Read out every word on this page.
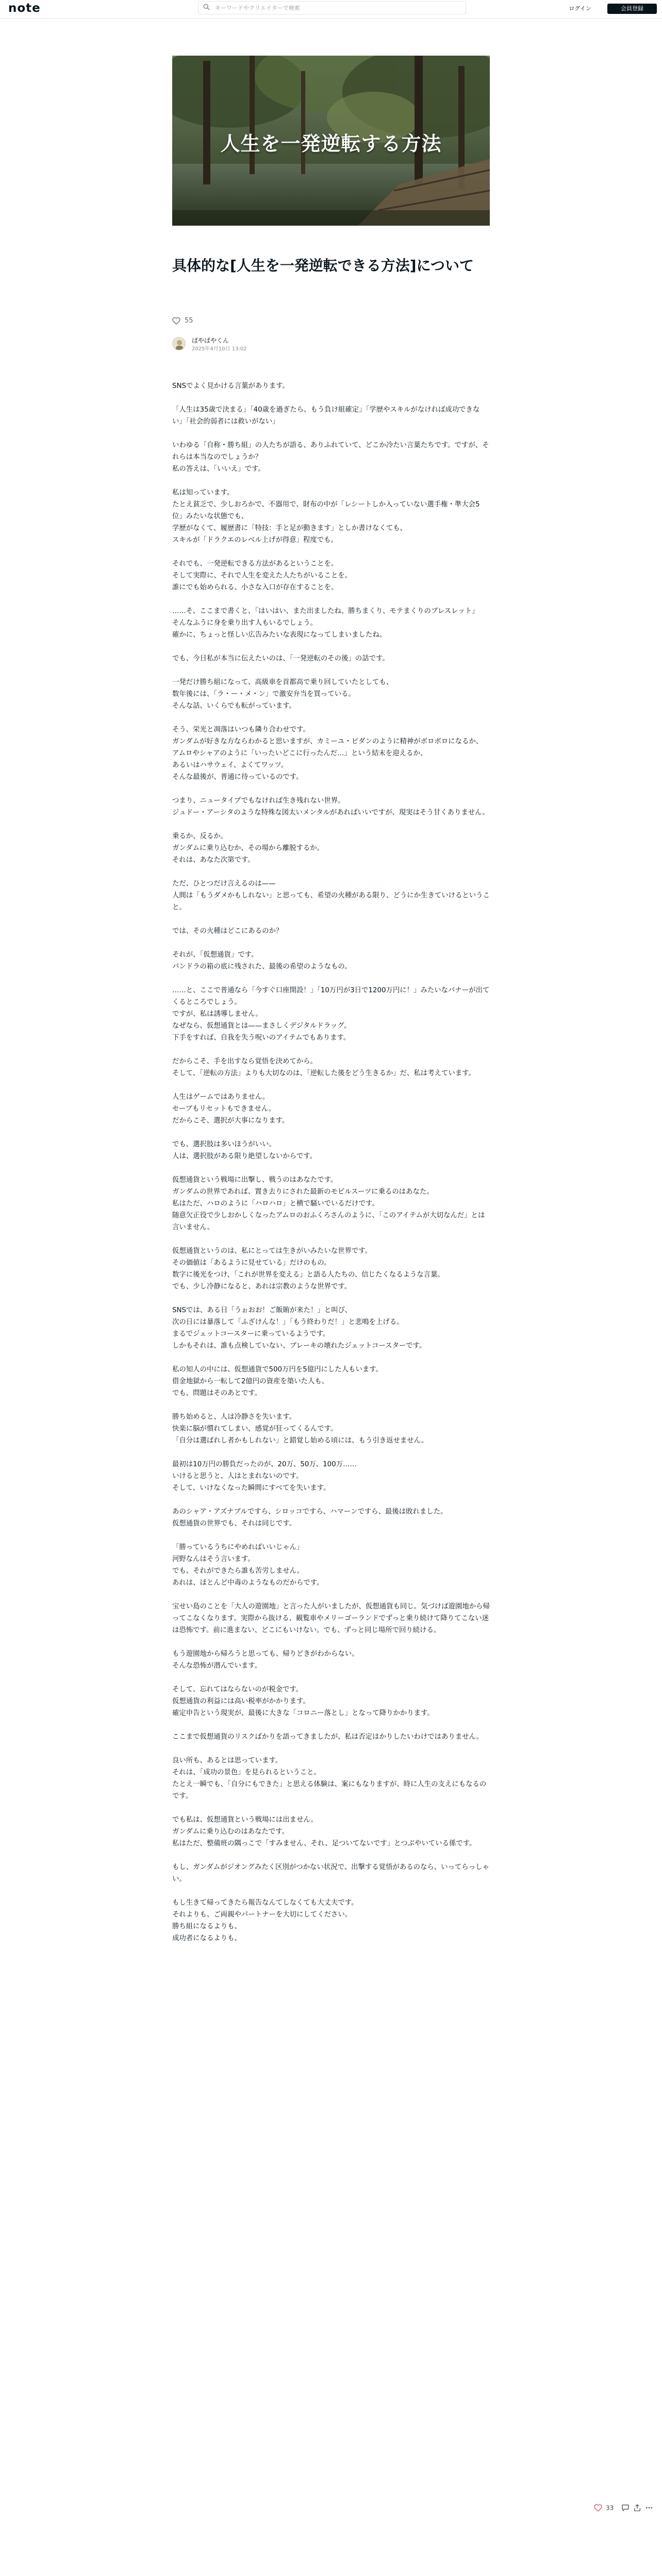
note
キーワードやクリエイターで検索	ログイン	会員登録
人生を一発逆転する方法
具体的な[人生を一発逆転できる方法]について
55
ぱやぱやくん
2025年4月10日 13:02

SNSでよく見かける言葉があります。

「人生は35歳で決まる」「40歳を過ぎたら、もう負け組確定」「学歴やスキルがなければ成功できない」「社会的弱者には救いがない」

いわゆる「自称・勝ち組」の人たちが語る、ありふれていて、どこか冷たい言葉たちです。ですが、それらは本当なのでしょうか？
私の答えは、「いいえ」です。

私は知っています。
たとえ貧乏で、少しおろかで、不器用で、財布の中が「レシートしか入っていない選手権・準大会5位」みたいな状態でも、
学歴がなくて、履歴書に「特技：手と足が動きます」としか書けなくても、
スキルが「ドラクエのレベル上げが得意」程度でも。

それでも、一発逆転できる方法があるということを。
そして実際に、それで人生を変えた人たちがいることを。
誰にでも始められる、小さな入口が存在することを。

……そ、ここまで書くと、「はいはい、また出ましたね、勝ちまくり、モテまくりのブレスレット」
そんなふうに身を乗り出す人もいるでしょう。
確かに、ちょっと怪しい広告みたいな表現になってしまいましたね。

でも、今日私が本当に伝えたいのは、「一発逆転のその後」の話です。

一発だけ勝ち組になって、高級車を首都高で乗り回していたとしても、
数年後には、「ラ・ー・メ・ン」で激安弁当を買っている。
そんな話、いくらでも転がっています。

そう、栄光と凋落はいつも隣り合わせです。
ガンダムが好きな方ならわかると思いますが、カミーユ・ビダンのように精神がボロボロになるか、
アムロやシャアのように「いったいどこに行ったんだ…」という結末を迎えるか、
あるいはハサウェイ、よくてワッツ。
そんな最後が、普通に待っているのです。

つまり、ニュータイプでもなければ生き残れない世界。
ジュドー・アーシタのような特殊な図太いメンタルがあればいいですが、現実はそう甘くありません。

乗るか、反るか。
ガンダムに乗り込むか、その場から離脱するか。
それは、あなた次第です。

ただ、ひとつだけ言えるのは——
人間は「もうダメかもしれない」と思っても、希望の火種がある限り、どうにか生きていけるということ。

では、その火種はどこにあるのか？

それが、「仮想通貨」です。
パンドラの箱の底に残された、最後の希望のようなもの。

……と、ここで普通なら「今すぐ口座開設！」「10万円が3日で1200万円に！」みたいなバナーが出てくるところでしょう。
ですが、私は誘導しません。
なぜなら、仮想通貨とは——まさしくデジタルドラッグ。
下手をすれば、自我を失う呪いのアイテムでもあります。

だからこそ、手を出すなら覚悟を決めてから。
そして、「逆転の方法」よりも大切なのは、「逆転した後をどう生きるか」だ、私は考えています。

人生はゲームではありません。
セーブもリセットもできません。
だからこそ、選択が大事になります。

でも、選択肢は多いほうがいい。
人は、選択肢がある限り絶望しないからです。

仮想通貨という戦場に出撃し、戦うのはあなたです。
ガンダムの世界であれば、置き去りにされた最新のモビルスーツに乗るのはあなた。
私はただ、ハロのように「ハロハロ」と横で騒いでいるだけです。
随意欠正役で少しおかしくなったアムロのおふくろさんのように、「このアイテムが大切なんだ」とは言いません。

仮想通貨というのは、私にとっては生きがいみたいな世界です。
その価値は「あるように見せている」だけのもの。
数字に後光をつけ、「これが世界を変える」と語る人たちの、信じたくなるような言葉。
でも、少し冷静になると、あれは宗教のような世界です。

SNSでは、ある日「うぉおお！ご飯賄が来た！」と叫び、
次の日には暴落して「ふざけんな！」「もう終わりだ！」と悲鳴を上げる。
まるでジェットコースターに乗っているようです。
しかもそれは、誰も点検していない、ブレーキの壊れたジェットコースターです。

私の知人の中には、仮想通貨で500万円を5億円にした人もいます。
借金地獄から一転して2億円の資産を築いた人も。
でも、問題はそのあとです。

勝ち始めると、人は冷静さを失います。
快楽に脳が慣れてしまい、感覚が狂ってくるんです。
「自分は選ばれし者かもしれない」と錯覚し始める頃には、もう引き返せません。

最初は10万円の勝負だったのが、20万、50万、100万……
いけると思うと、人はとまれないのです。
そして、いけなくなった瞬間にすべてを失います。

あのシャア・アズナブルですら、シロッコですら、ハマーンですら、最後は敗れました。
仮想通貨の世界でも、それは同じです。

「勝っているうちにやめればいいじゃん」
河野なんはそう言います。
でも、それができたら誰も苦労しません。
あれは、ほとんど中毒のようなものだからです。

宝せい島のことを「大人の遊園地」と言った人がいましたが、仮想通貨も同じ。気づけば遊園地から帰ってこなくなります。実際から抜ける、観覧車やメリーゴーランドでずっと乗り続けて降りてこない迷は恐怖です。前に進まない、どこにもいけない。でも、ずっと同じ場所で回り続ける。

もう遊園地から帰ろうと思っても、帰りどきがわからない。
そんな恐怖が潜んでいます。

そして、忘れてはならないのが税金です。
仮想通貨の利益には高い税率がかかります。
確定申告という現実が、最後に大きな「コロニー落とし」となって降りかかります。

ここまで仮想通貨のリスクばかりを語ってきましたが、私は否定はかりしたいわけではありません。

良い所も、あるとは思っています。
それは、「成功の景色」を見られるということ。
たとえ一瞬でも、「自分にもできた」と思える体験は、案にもなりますが、時に人生の支えにもなるのです。

でも私は、仮想通貨という戦場には出ません。
ガンダムに乗り込むのはあなたです。
私はただ、整備班の隅っこで「すみません、それ、足ついてないです」とつぶやいている係です。

もし、ガンダムがジオングみたく区別がつかない状況で、出撃する覚悟があるのなら、いってらっしゃい。

もし生きて帰ってきたら報告なんてしなくても大丈夫です。
それよりも、ご両親やパートナーを大切にしてください。
勝ち組になるよりも、
成功者になるよりも、

33
